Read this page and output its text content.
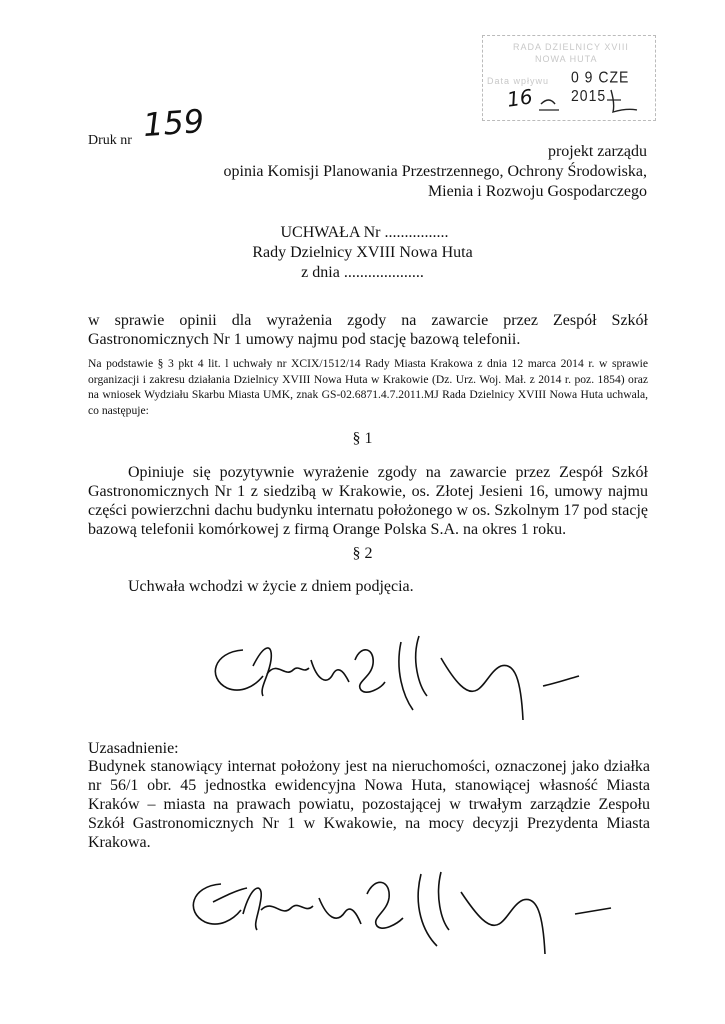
RADA DZIELNICY XVIII
NOWA HUTA
Data wpływu 0 9 CZE 2015
16
Druk nr 159
projekt zarządu
opinia Komisji Planowania Przestrzennego, Ochrony Środowiska,
Mienia i Rozwoju Gospodarczego
UCHWAŁA Nr ................
Rady Dzielnicy XVIII Nowa Huta
z dnia ....................
w sprawie opinii dla wyrażenia zgody na zawarcie przez Zespół Szkół Gastronomicznych Nr 1 umowy najmu pod stację bazową telefonii.
Na podstawie § 3 pkt 4 lit. l uchwały nr XCIX/1512/14 Rady Miasta Krakowa z dnia 12 marca 2014 r. w sprawie organizacji i zakresu działania Dzielnicy XVIII Nowa Huta w Krakowie (Dz. Urz. Woj. Mał. z 2014 r. poz. 1854) oraz na wniosek Wydziału Skarbu Miasta UMK, znak GS-02.6871.4.7.2011.MJ Rada Dzielnicy XVIII Nowa Huta uchwala, co następuje:
§ 1
Opiniuje się pozytywnie wyrażenie zgody na zawarcie przez Zespół Szkół Gastronomicznych Nr 1 z siedzibą w Krakowie, os. Złotej Jesieni 16, umowy najmu części powierzchni dachu budynku internatu położonego w os. Szkolnym 17 pod stację bazową telefonii komórkowej z firmą Orange Polska S.A. na okres 1 roku.
§ 2
Uchwała wchodzi w życie z dniem podjęcia.
Uzasadnienie:
Budynek stanowiący internat położony jest na nieruchomości, oznaczonej jako działka nr 56/1 obr. 45 jednostka ewidencyjna Nowa Huta, stanowiącej własność Miasta Kraków – miasta na prawach powiatu, pozostającej w trwałym zarządzie Zespołu Szkół Gastronomicznych Nr 1 w Kwakowie, na mocy decyzji Prezydenta Miasta Krakowa.
